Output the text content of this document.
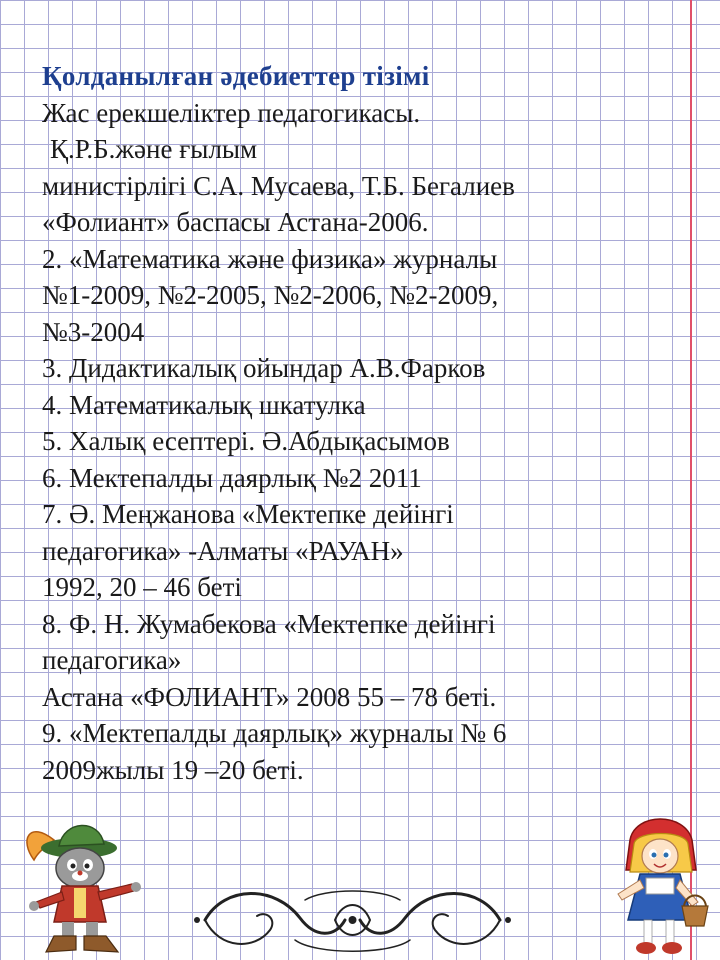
Қолданылған әдебиеттер тізімі
Жас ерекшеліктер педагогикасы.
Қ.Р.Б.және ғылым
министірлігі С.А. Мусаева, Т.Б. Бегалиев
«Фолиант» баспасы Астана-2006.
2. «Математика және физика» журналы
№1-2009, №2-2005, №2-2006, №2-2009,
№3-2004
3. Дидактикалық ойындар А.В.Фарков
4. Математикалық шкатулка
5. Халық есептері. Ә.Абдықасымов
6. Мектепалды даярлық №2 2011
7. Ә. Меңжанова «Мектепке дейінгі
педагогика» -Алматы «РАУАН»
1992, 20 – 46 беті
8. Ф. Н. Жумабекова «Мектепке дейінгі
педагогика»
Астана «ФОЛИАНТ» 2008 55 – 78 беті.
9. «Мектепалды даярлық» журналы № 6
2009жылы 19 –20 беті.
